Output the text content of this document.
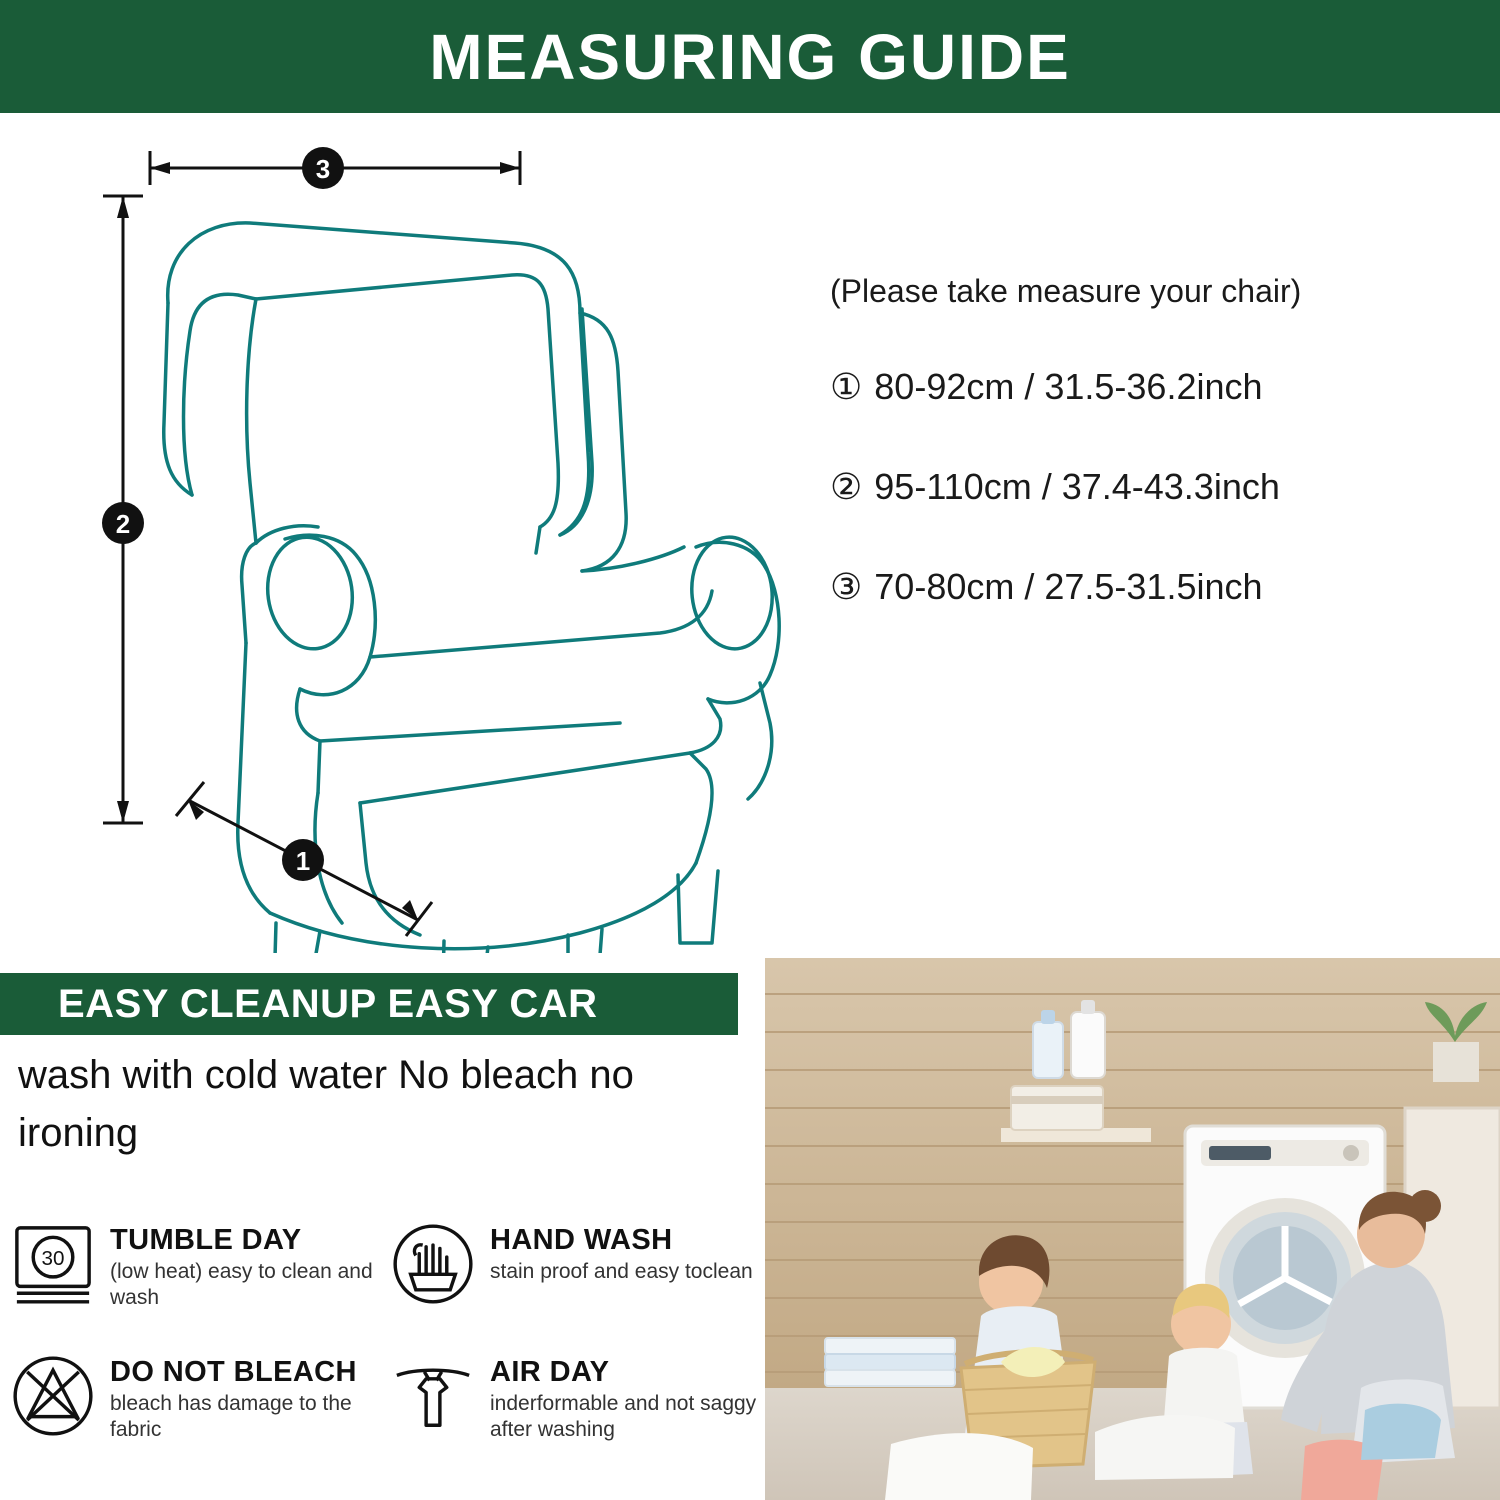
MEASURING GUIDE
3
2
1
(Please take measure your chair)
① 80-92cm / 31.5-36.2inch
② 95-110cm / 37.4-43.3inch
③ 70-80cm / 27.5-31.5inch
EASY CLEANUP EASY CAR
wash with cold water No bleach no ironing
30
TUMBLE DAY
(low heat) easy to clean and wash
HAND WASH
stain proof and easy toclean
DO NOT BLEACH
bleach has damage to the fabric
AIR DAY
inderformable and not saggy after washing
